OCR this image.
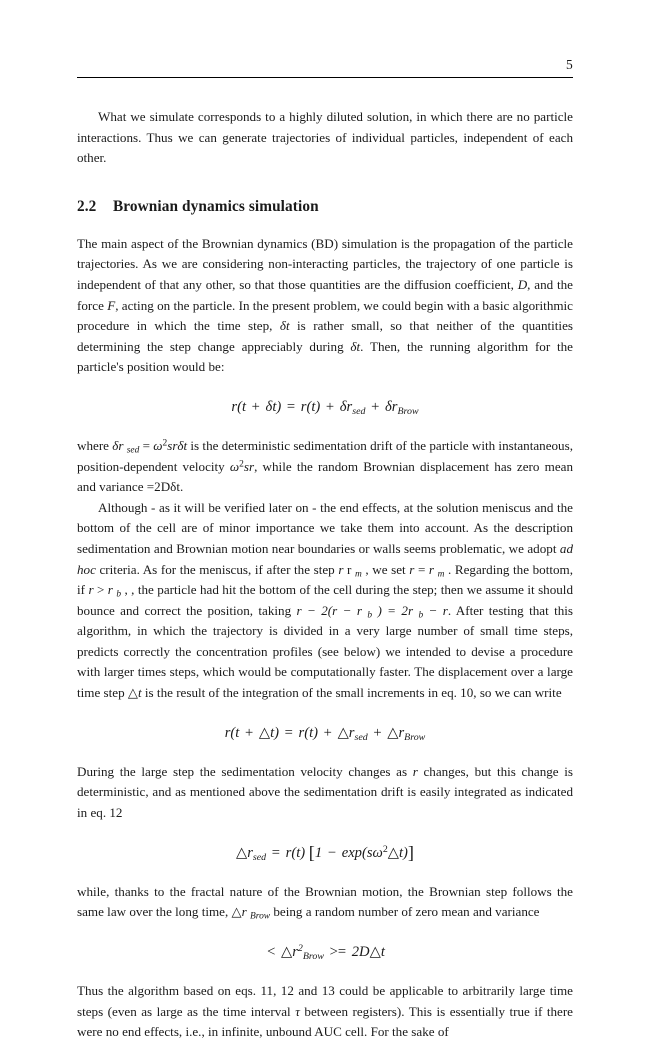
5

What we simulate corresponds to a highly diluted solution, in which there are no particle interactions. Thus we can generate trajectories of individual particles, independent of each other.

2.2 Brownian dynamics simulation

The main aspect of the Brownian dynamics (BD) simulation is the propagation of the particle trajectories. As we are considering non-interacting particles, the trajectory of one particle is independent of that any other, so that those quantities are the diffusion coefficient, D, and the force F, acting on the particle. In the present problem, we could begin with a basic algorithmic procedure in which the time step, δt is rather small, so that neither of the quantities determining the step change appreciably during δt. Then, the running algorithm for the particle's position would be:

$r(t + \delta t) = r(t) + \delta r_{sed} + \delta r_{Brow}$

where δr $_{sed} = \omega^2sr\delta t$ is the deterministic sedimentation drift of the particle with instantaneous, position-dependent velocity $\omega^2sr$, while the random Brownian displacement has zero mean and variance =2Dδt.

Although - as it will be verified later on - the end effects, at the solution meniscus and the bottom of the cell are of minor importance we take them into account. As the description sedimentation and Brownian motion near boundaries or walls seems problematic, we adopt ad hoc criteria. As for the meniscus, if after the step r r $_m$ , we set r = r $_m$ . Regarding the bottom, if r > r $_b$ , , the particle had hit the bottom of the cell during the step; then we assume it should bounce and correct the position, taking r − 2(r − r $_b$ ) = 2r $_b$ − r. After testing that this algorithm, in which the trajectory is divided in a very large number of small time steps, predicts correctly the concentration profiles (see below) we intended to devise a procedure with larger times steps, which would be computationally faster. The displacement over a large time step △t is the result of the integration of the small increments in eq. 10, so we can write

r(t + △t) = $r(t) + \triangle r_{sed}$ + $\triangle r_{Brow}$

During the large step the sedimentation velocity changes as r changes, but this change is deterministic, and as mentioned above the sedimentation drift is easily integrated as indicated in eq. 12

$\triangle r_{sed} = r(t) [1$ − $\exp(s\omega^2\triangle t)$]

while, thanks to the fractal nature of the Brownian motion, the Brownian step follows the same law over the long time, △r $_{Brow}$ being a random number of zero mean and variance

< $\triangle r^2_{Brow}$ >= 2D△t

Thus the algorithm based on eqs. 11, 12 and 13 could be applicable to arbitrarily large time steps (even as large as the time interval τ between registers). This is essentially true if there were no end effects, i.e., in infinite, unbound AUC cell. For the sake of
